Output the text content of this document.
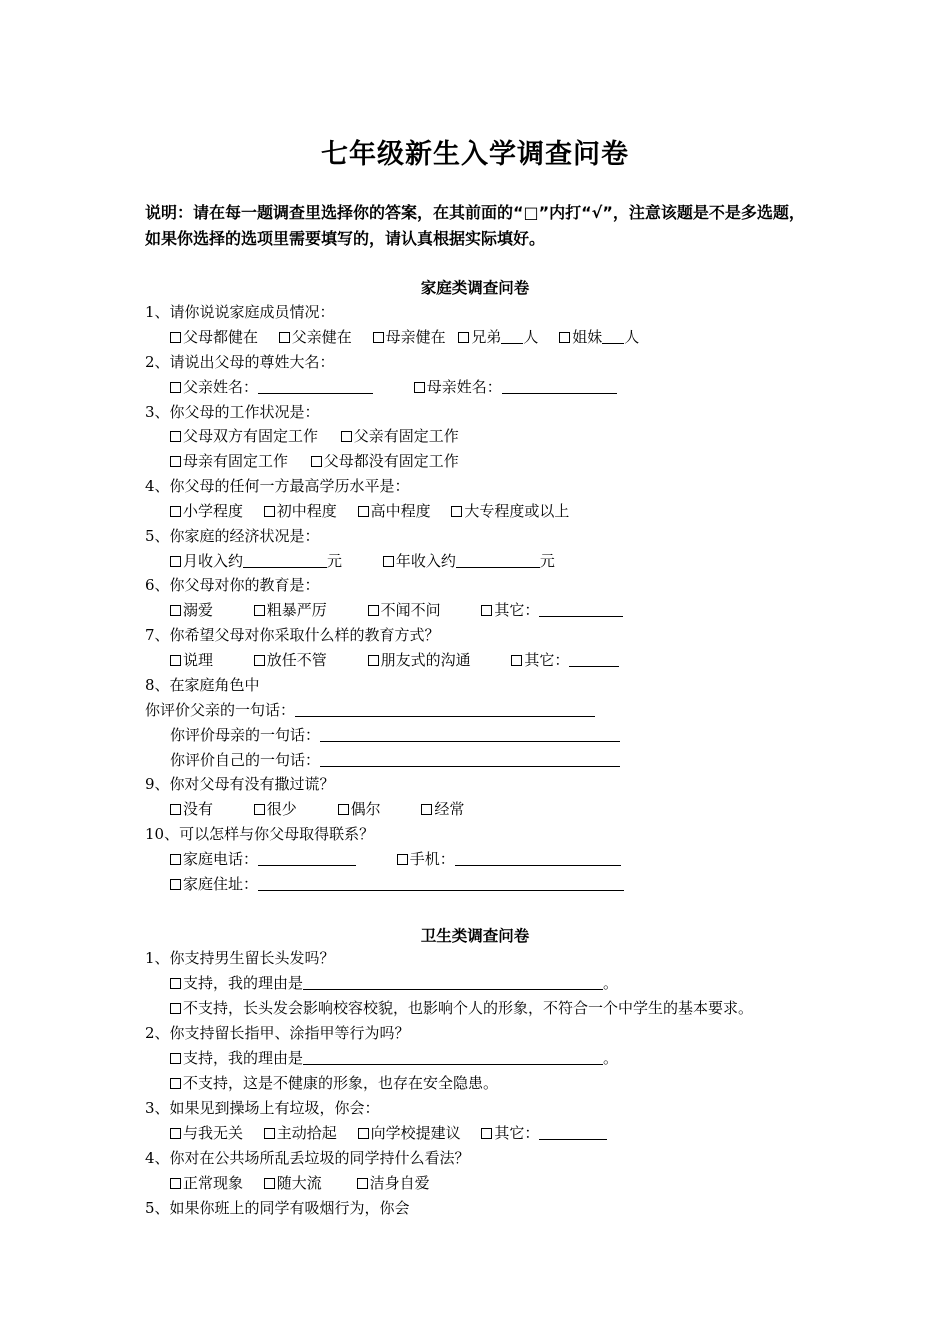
七年级新生入学调查问卷
说明：请在每一题调查里选择你的答案，在其前面的“□”内打“√”，注意该题是不是多选题，如果你选择的选项里需要填写的，请认真根据实际填好。
家庭类调查问卷
1、请你说说家庭成员情况：
父母都健在 父亲健在 母亲健在 兄弟 人 姐妹 人
2、请说出父母的尊姓大名：
父亲姓名：	母亲姓名：
3、你父母的工作状况是：
父母双方有固定工作 父亲有固定工作
母亲有固定工作 父母都没有固定工作
4、你父母的任何一方最高学历水平是：
小学程度 初中程度 高中程度 大专程度或以上
5、你家庭的经济状况是：
月收入约	元	年收入约	元
6、你父母对你的教育是：
溺爱	粗暴严厉	不闻不问	其它：
7、你希望父母对你采取什么样的教育方式？
说理	放任不管	朋友式的沟通	其它：
8、在家庭角色中
你评价父亲的一句话：
你评价母亲的一句话：
你评价自己的一句话：
9、你对父母有没有撒过谎？
没有	很少	偶尔	经常
10、可以怎样与你父母取得联系？
家庭电话：	手机：
家庭住址：
卫生类调查问卷
1、你支持男生留长头发吗？
支持，我的理由是	。
不支持，长头发会影响校容校貌，也影响个人的形象，不符合一个中学生的基本要求。
2、你支持留长指甲、涂指甲等行为吗？
支持，我的理由是	。
不支持，这是不健康的形象，也存在安全隐患。
3、如果见到操场上有垃圾，你会：
与我无关 主动拾起 向学校提建议 其它：
4、你对在公共场所乱丢垃圾的同学持什么看法？
正常现象 随大流	洁身自爱
5、如果你班上的同学有吸烟行为，你会
